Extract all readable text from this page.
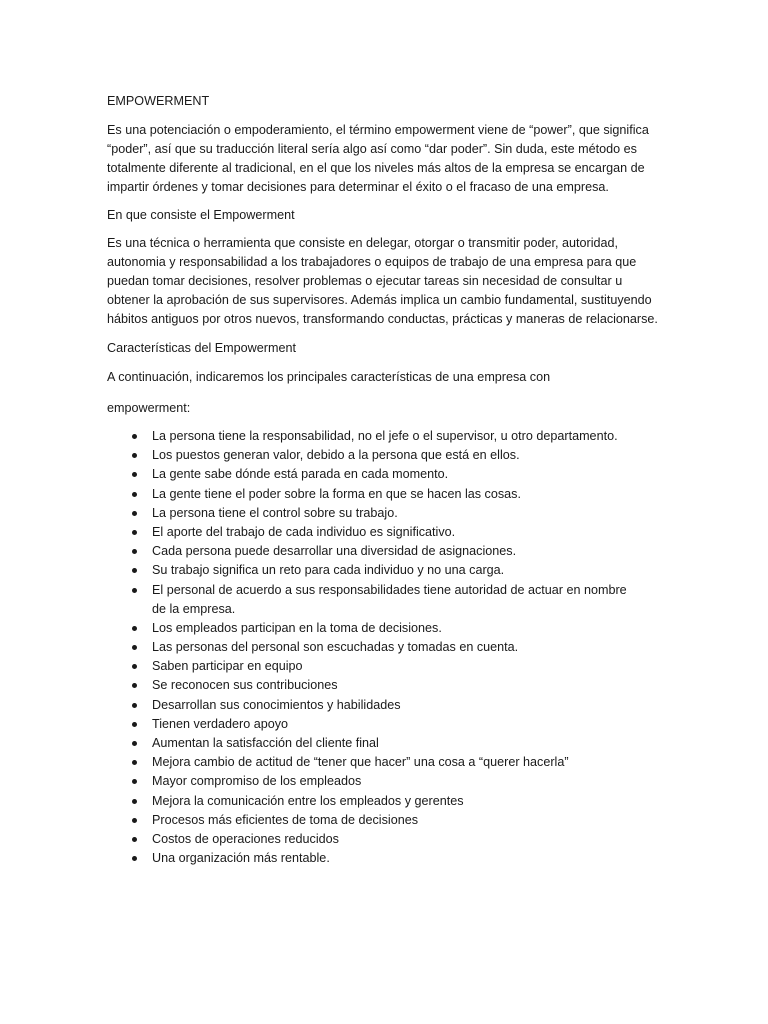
EMPOWERMENT

Es una potenciación o empoderamiento, el término empowerment viene de “power”, que significa
“poder”, así que su traducción literal sería algo así como “dar poder”. Sin duda, este método es
totalmente diferente al tradicional, en el que los niveles más altos de la empresa se encargan de
impartir órdenes y tomar decisiones para determinar el éxito o el fracaso de una empresa.

En que consiste el Empowerment

Es una técnica o herramienta que consiste en delegar, otorgar o transmitir poder, autoridad,
autonomia y responsabilidad a los trabajadores o equipos de trabajo de una empresa para que
puedan tomar decisiones, resolver problemas o ejecutar tareas sin necesidad de consultar u
obtener la aprobación de sus supervisores. Además implica un cambio fundamental, sustituyendo
hábitos antiguos por otros nuevos, transformando conductas, prácticas y maneras de relacionarse.

Características del Empowerment

A continuación, indicaremos los principales características de una empresa con

empowerment:

La persona tiene la responsabilidad, no el jefe o el supervisor, u otro departamento.
Los puestos generan valor, debido a la persona que está en ellos.
La gente sabe dónde está parada en cada momento.
La gente tiene el poder sobre la forma en que se hacen las cosas.
La persona tiene el control sobre su trabajo.
El aporte del trabajo de cada individuo es significativo.
Cada persona puede desarrollar una diversidad de asignaciones.
Su trabajo significa un reto para cada individuo y no una carga.
El personal de acuerdo a sus responsabilidades tiene autoridad de actuar en nombre
de la empresa.
Los empleados participan en la toma de decisiones.
Las personas del personal son escuchadas y tomadas en cuenta.
Saben participar en equipo
Se reconocen sus contribuciones
Desarrollan sus conocimientos y habilidades
Tienen verdadero apoyo
Aumentan la satisfacción del cliente final
Mejora cambio de actitud de “tener que hacer” una cosa a “querer hacerla”
Mayor compromiso de los empleados
Mejora la comunicación entre los empleados y gerentes
Procesos más eficientes de toma de decisiones
Costos de operaciones reducidos
Una organización más rentable.
